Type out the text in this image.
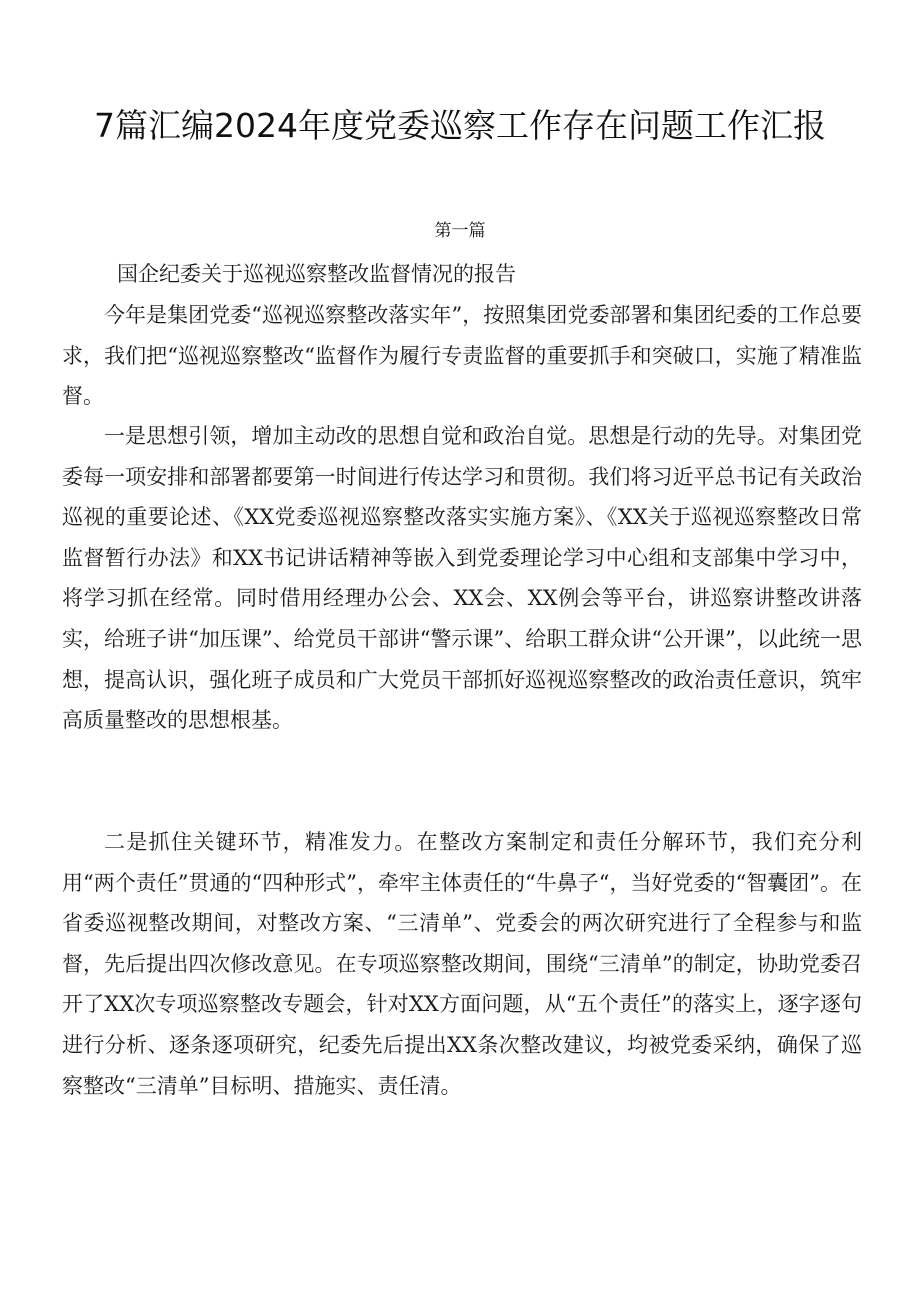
7篇汇编2024年度党委巡察工作存在问题工作汇报
第一篇
国企纪委关于巡视巡察整改监督情况的报告

今年是集团党委“巡视巡察整改落实年”，按照集团党委部署和集团纪委的工作总要求，我们把“巡视巡察整改“监督作为履行专责监督的重要抓手和突破口，实施了精准监督。

一是思想引领，增加主动改的思想自觉和政治自觉。思想是行动的先导。对集团党委每一项安排和部署都要第一时间进行传达学习和贯彻。我们将习近平总书记有关政治巡视的重要论述、《XX党委巡视巡察整改落实实施方案》、《XX关于巡视巡察整改日常监督暂行办法》和XX书记讲话精神等嵌入到党委理论学习中心组和支部集中学习中，将学习抓在经常。同时借用经理办公会、XX会、XX例会等平台，讲巡察讲整改讲落实，给班子讲“加压课”、给党员干部讲“警示课”、给职工群众讲“公开课”，以此统一思想，提高认识，强化班子成员和广大党员干部抓好巡视巡察整改的政治责任意识，筑牢高质量整改的思想根基。

二是抓住关键环节，精准发力。在整改方案制定和责任分解环节，我们充分利用“两个责任”贯通的“四种形式”，牵牢主体责任的“牛鼻子“，当好党委的“智囊团”。在省委巡视整改期间，对整改方案、“三清单”、党委会的两次研究进行了全程参与和监督，先后提出四次修改意见。在专项巡察整改期间，围绕“三清单”的制定，协助党委召开了XX次专项巡察整改专题会，针对XX方面问题，从“五个责任”的落实上，逐字逐句进行分析、逐条逐项研究，纪委先后提出XX条次整改建议，均被党委采纳，确保了巡察整改“三清单”目标明、措施实、责任清。
